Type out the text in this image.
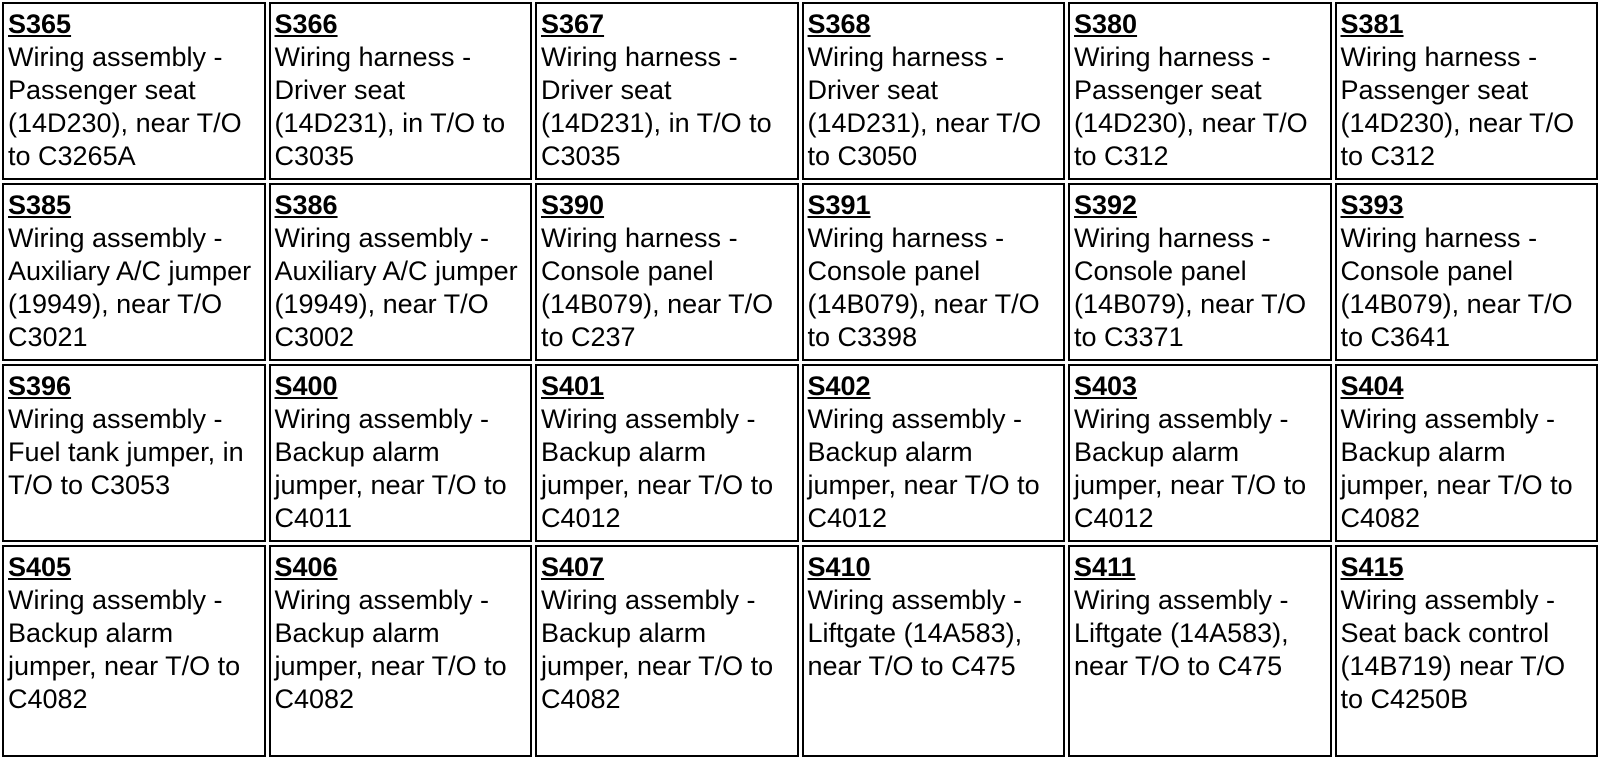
S365
Wiring assembly - Passenger seat (14D230), near T/O to C3265A
S366
Wiring harness - Driver seat (14D231), in T/O to C3035
S367
Wiring harness - Driver seat (14D231), in T/O to C3035
S368
Wiring harness - Driver seat (14D231), near T/O to C3050
S380
Wiring harness - Passenger seat (14D230), near T/O to C312
S381
Wiring harness - Passenger seat (14D230), near T/O to C312
S385
Wiring assembly - Auxiliary A/C jumper (19949), near T/O C3021
S386
Wiring assembly - Auxiliary A/C jumper (19949), near T/O C3002
S390
Wiring harness - Console panel (14B079), near T/O to C237
S391
Wiring harness - Console panel (14B079), near T/O to C3398
S392
Wiring harness - Console panel (14B079), near T/O to C3371
S393
Wiring harness - Console panel (14B079), near T/O to C3641
S396
Wiring assembly - Fuel tank jumper, in T/O to C3053
S400
Wiring assembly - Backup alarm jumper, near T/O to C4011
S401
Wiring assembly - Backup alarm jumper, near T/O to C4012
S402
Wiring assembly - Backup alarm jumper, near T/O to C4012
S403
Wiring assembly - Backup alarm jumper, near T/O to C4012
S404
Wiring assembly - Backup alarm jumper, near T/O to C4082
S405
Wiring assembly - Backup alarm jumper, near T/O to C4082
S406
Wiring assembly - Backup alarm jumper, near T/O to C4082
S407
Wiring assembly - Backup alarm jumper, near T/O to C4082
S410
Wiring assembly - Liftgate (14A583), near T/O to C475
S411
Wiring assembly - Liftgate (14A583), near T/O to C475
S415
Wiring assembly - Seat back control (14B719) near T/O to C4250B
